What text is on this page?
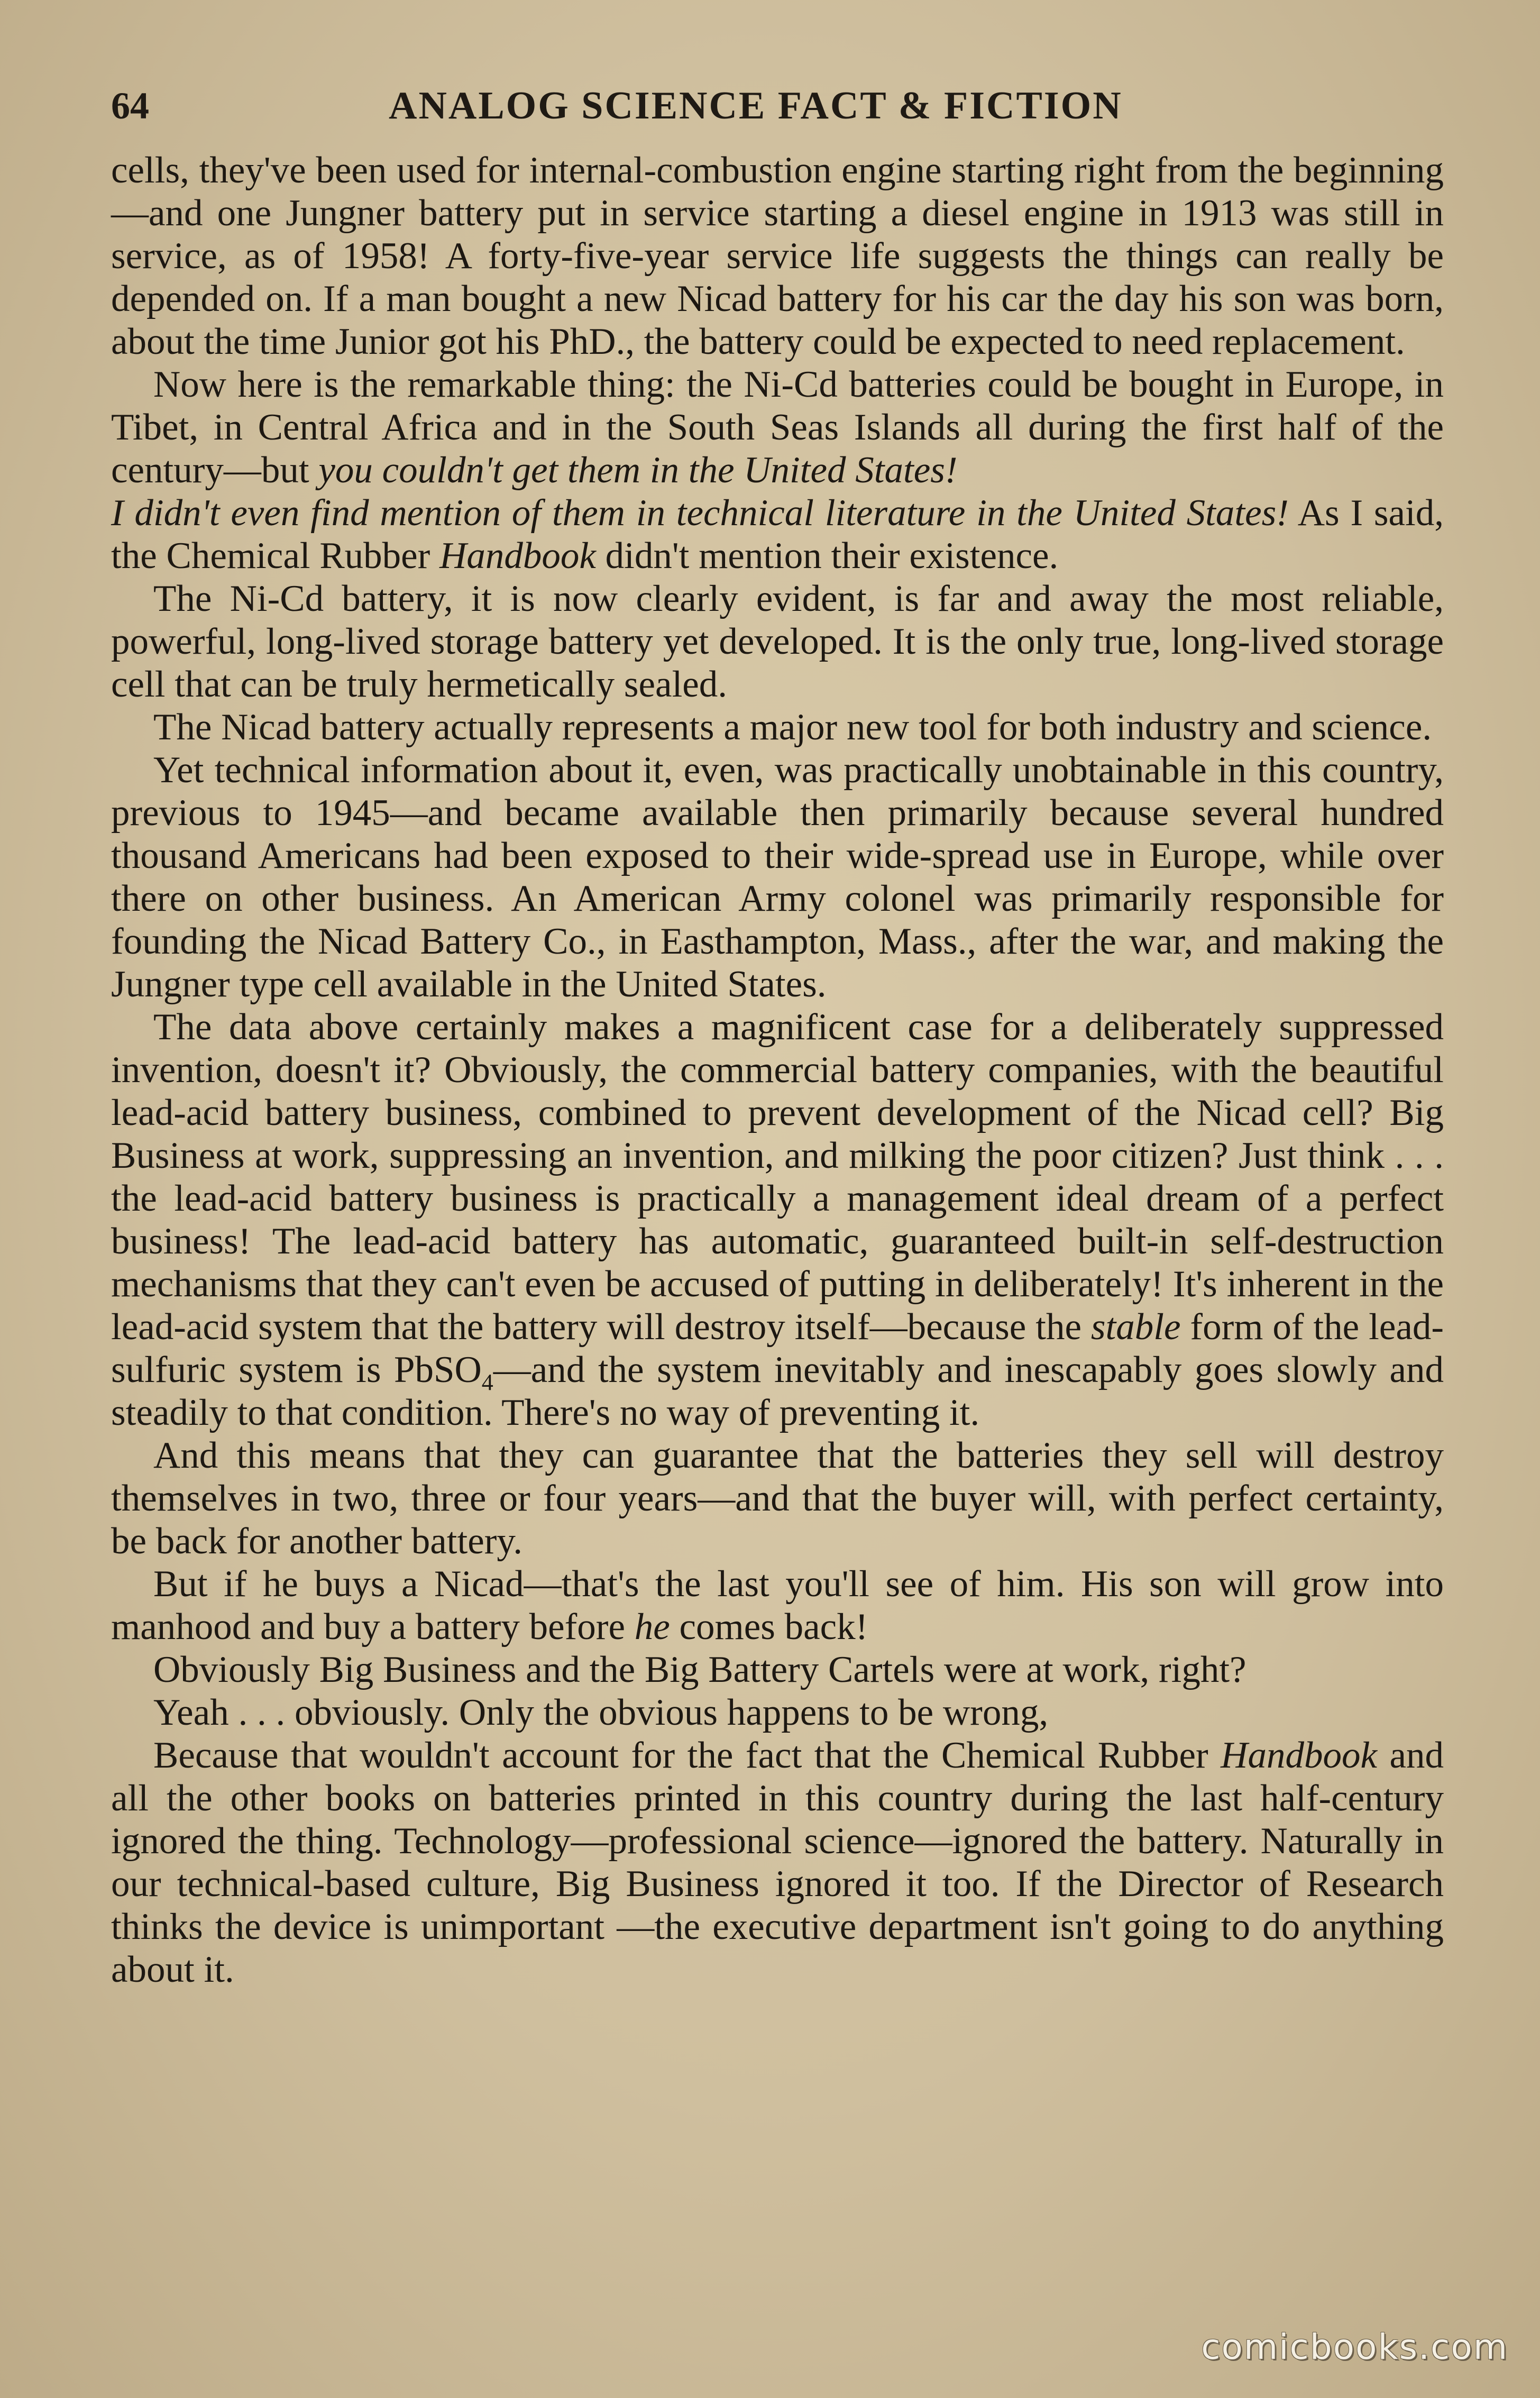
64	ANALOG SCIENCE FACT & FICTION

cells, they've been used for internal-combustion engine starting right from the beginning—and one Jungner battery put in service starting a diesel engine in 1913 was still in service, as of 1958! A forty-five-year service life suggests the things can really be depended on. If a man bought a new Nicad battery for his car the day his son was born, about the time Junior got his PhD., the battery could be expected to need replacement.

Now here is the remarkable thing: the Ni-Cd batteries could be bought in Europe, in Tibet, in Central Africa and in the South Seas Islands all during the first half of the century—but you couldn't get them in the United States!

I didn't even find mention of them in technical literature in the United States! As I said, the Chemical Rubber Handbook didn't mention their existence.

The Ni-Cd battery, it is now clearly evident, is far and away the most reliable, powerful, long-lived storage battery yet developed. It is the only true, long-lived storage cell that can be truly hermetically sealed.

The Nicad battery actually represents a major new tool for both industry and science.

Yet technical information about it, even, was practically unobtainable in this country, previous to 1945—and became available then primarily because several hundred thousand Americans had been exposed to their wide-spread use in Europe, while over there on other business. An American Army colonel was primarily responsible for founding the Nicad Battery Co., in Easthampton, Mass., after the war, and making the Jungner type cell available in the United States.

The data above certainly makes a magnificent case for a deliberately suppressed invention, doesn't it? Obviously, the commercial battery companies, with the beautiful lead-acid battery business, combined to prevent development of the Nicad cell? Big Business at work, suppressing an invention, and milking the poor citizen? Just think . . . the lead-acid battery business is practically a management ideal dream of a perfect business! The lead-acid battery has automatic, guaranteed built-in self-destruction mechanisms that they can't even be accused of putting in deliberately! It's inherent in the lead-acid system that the battery will destroy itself—because the stable form of the lead-sulfuric system is PbSO$_4$—and the system inevitably and inescapably goes slowly and steadily to that condition. There's no way of preventing it.

And this means that they can guarantee that the batteries they sell will destroy themselves in two, three or four years—and that the buyer will, with perfect certainty, be back for another battery.

But if he buys a Nicad—that's the last you'll see of him. His son will grow into manhood and buy a battery before he comes back!

Obviously Big Business and the Big Battery Cartels were at work, right?

Yeah . . . obviously. Only the obvious happens to be wrong,

Because that wouldn't account for the fact that the Chemical Rubber Handbook and all the other books on batteries printed in this country during the last half-century ignored the thing. Technology—professional science—ignored the battery. Naturally in our technical-based culture, Big Business ignored it too. If the Director of Research thinks the device is unimportant —the executive department isn't going to do anything about it.

comicbooks.com
